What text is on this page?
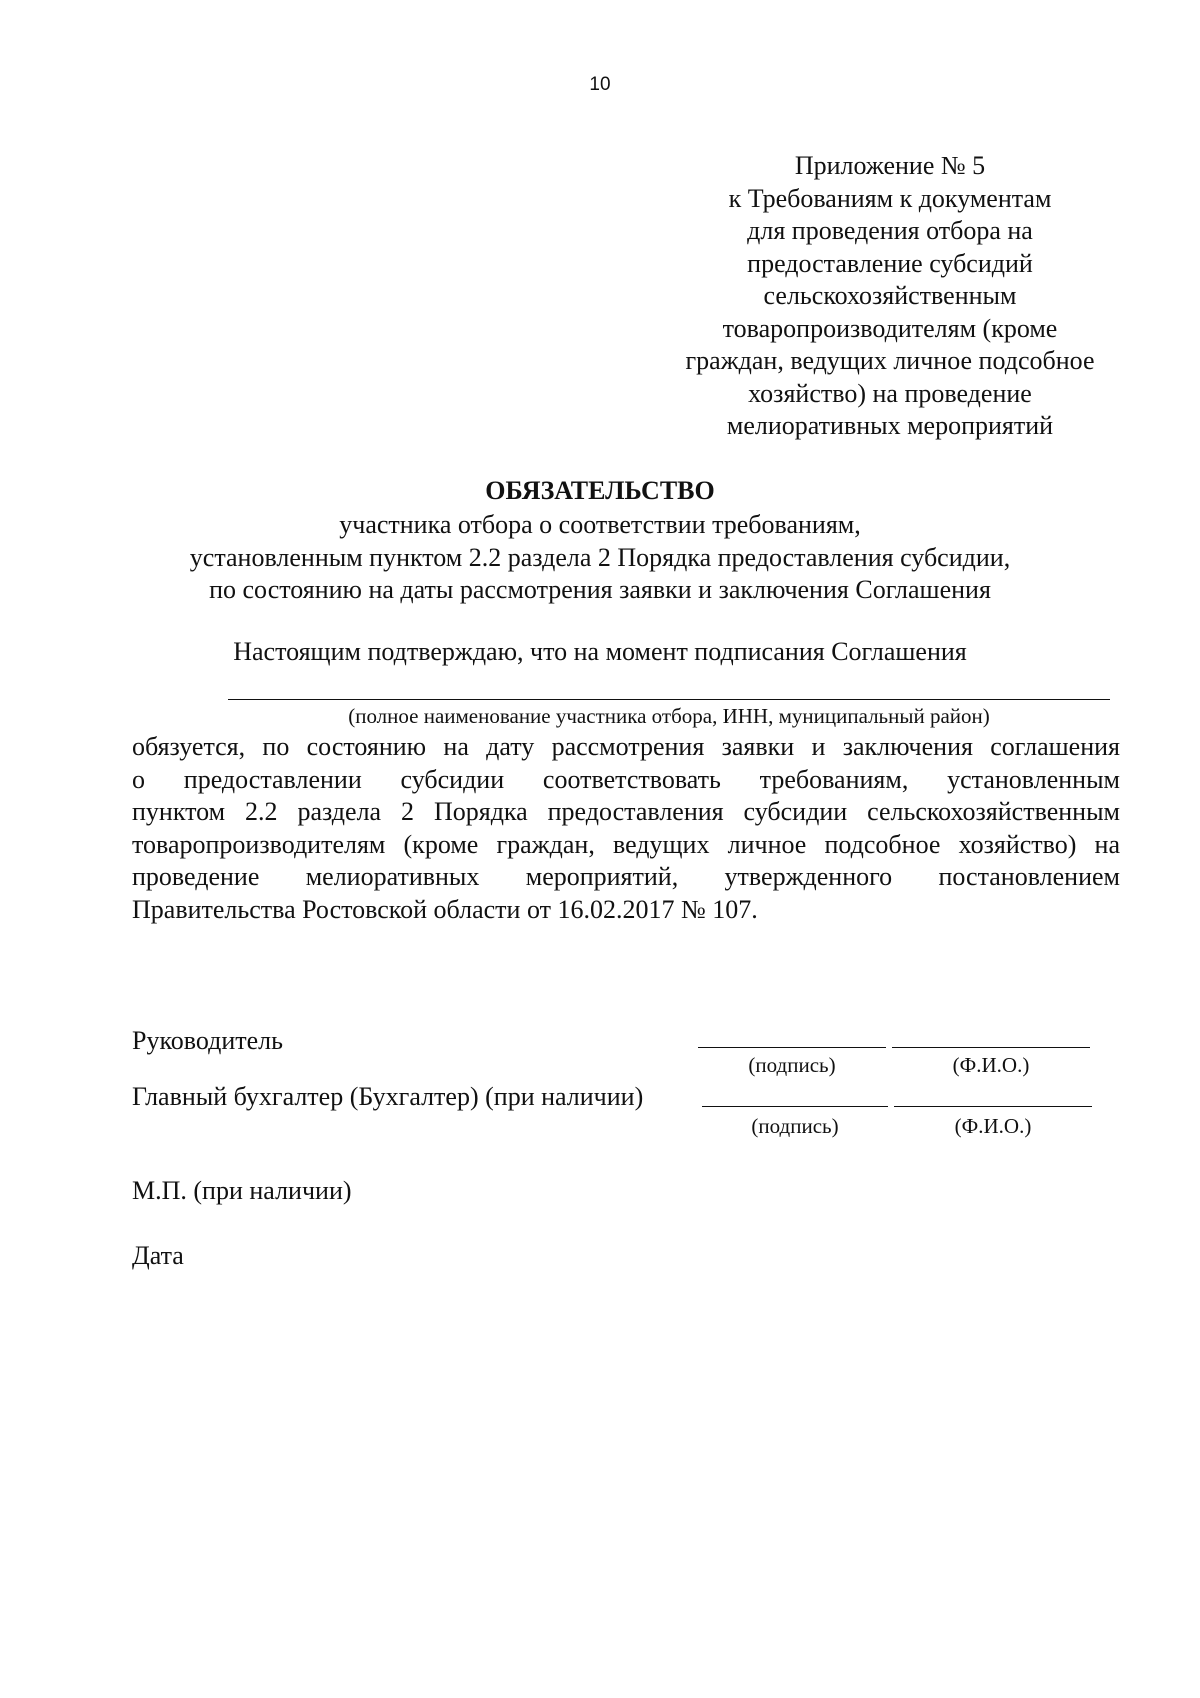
10
Приложение № 5
к Требованиям к документам
для проведения отбора на
предоставление субсидий
сельскохозяйственным
товаропроизводителям (кроме
граждан, ведущих личное подсобное
хозяйство) на проведение
мелиоративных мероприятий
ОБЯЗАТЕЛЬСТВО
участника отбора о соответствии требованиям,
установленным пунктом 2.2 раздела 2 Порядка предоставления субсидии,
по состоянию на даты рассмотрения заявки и заключения Соглашения
Настоящим подтверждаю, что на момент подписания Соглашения
(полное наименование участника отбора, ИНН, муниципальный район)
обязуется, по состоянию на дату рассмотрения заявки и заключения соглашения
о предоставлении субсидии соответствовать требованиям, установленным
пунктом 2.2 раздела 2 Порядка предоставления субсидии сельскохозяйственным
товаропроизводителям (кроме граждан, ведущих личное подсобное хозяйство) на
проведение мелиоративных мероприятий, утвержденного постановлением
Правительства Ростовской области от 16.02.2017 № 107.
Руководитель
(подпись)	(Ф.И.О.)
Главный бухгалтер (Бухгалтер) (при наличии)
(подпись)	(Ф.И.О.)
М.П. (при наличии)
Дата
